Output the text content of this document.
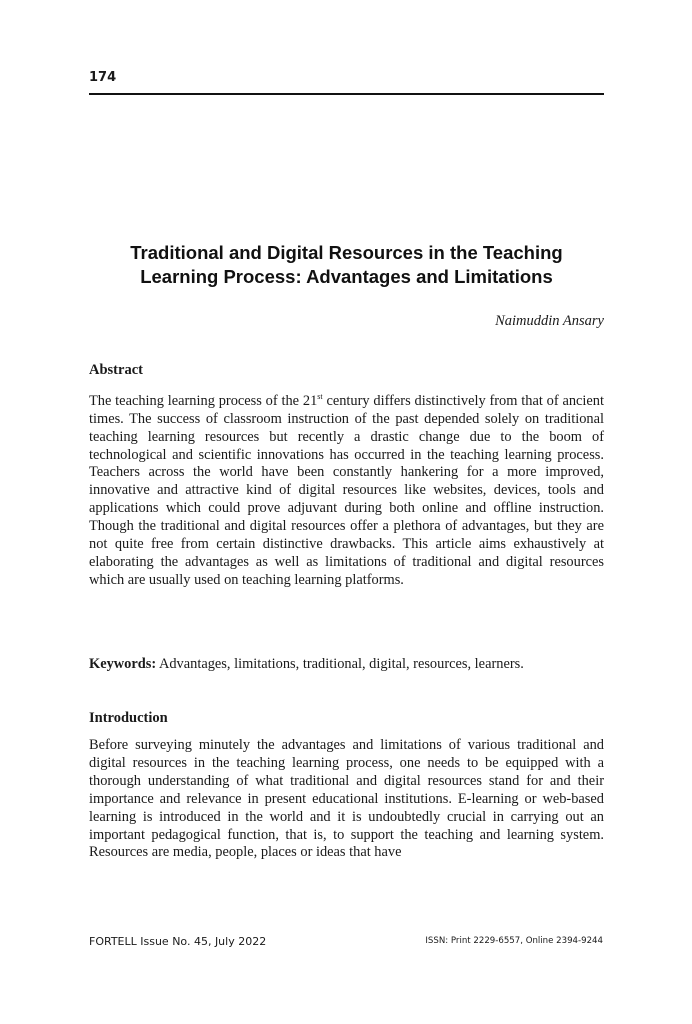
174
Traditional and Digital Resources in the Teaching Learning Process: Advantages and Limitations
Naimuddin Ansary
Abstract

The teaching learning process of the 21st century differs distinctively from that of ancient times. The success of classroom instruction of the past depended solely on traditional teaching learning resources but recently a drastic change due to the boom of technological and scientific innovations has occurred in the teaching learning process. Teachers across the world have been constantly hankering for a more improved, innovative and attractive kind of digital resources like websites, devices, tools and applications which could prove adjuvant during both online and offline instruction. Though the traditional and digital resources offer a plethora of advantages, but they are not quite free from certain distinctive drawbacks. This article aims exhaustively at elaborating the advantages as well as limitations of traditional and digital resources which are usually used on teaching learning platforms.

Keywords: Advantages, limitations, traditional, digital, resources, learners.

Introduction

Before surveying minutely the advantages and limitations of various traditional and digital resources in the teaching learning process, one needs to be equipped with a thorough understanding of what traditional and digital resources stand for and their importance and relevance in present educational institutions. E-learning or web-based learning is introduced in the world and it is undoubtedly crucial in carrying out an important pedagogical function, that is, to support the teaching and learning system. Resources are media, people, places or ideas that have

FORTELL Issue No. 45, July 2022	ISSN: Print 2229-6557, Online 2394-9244
